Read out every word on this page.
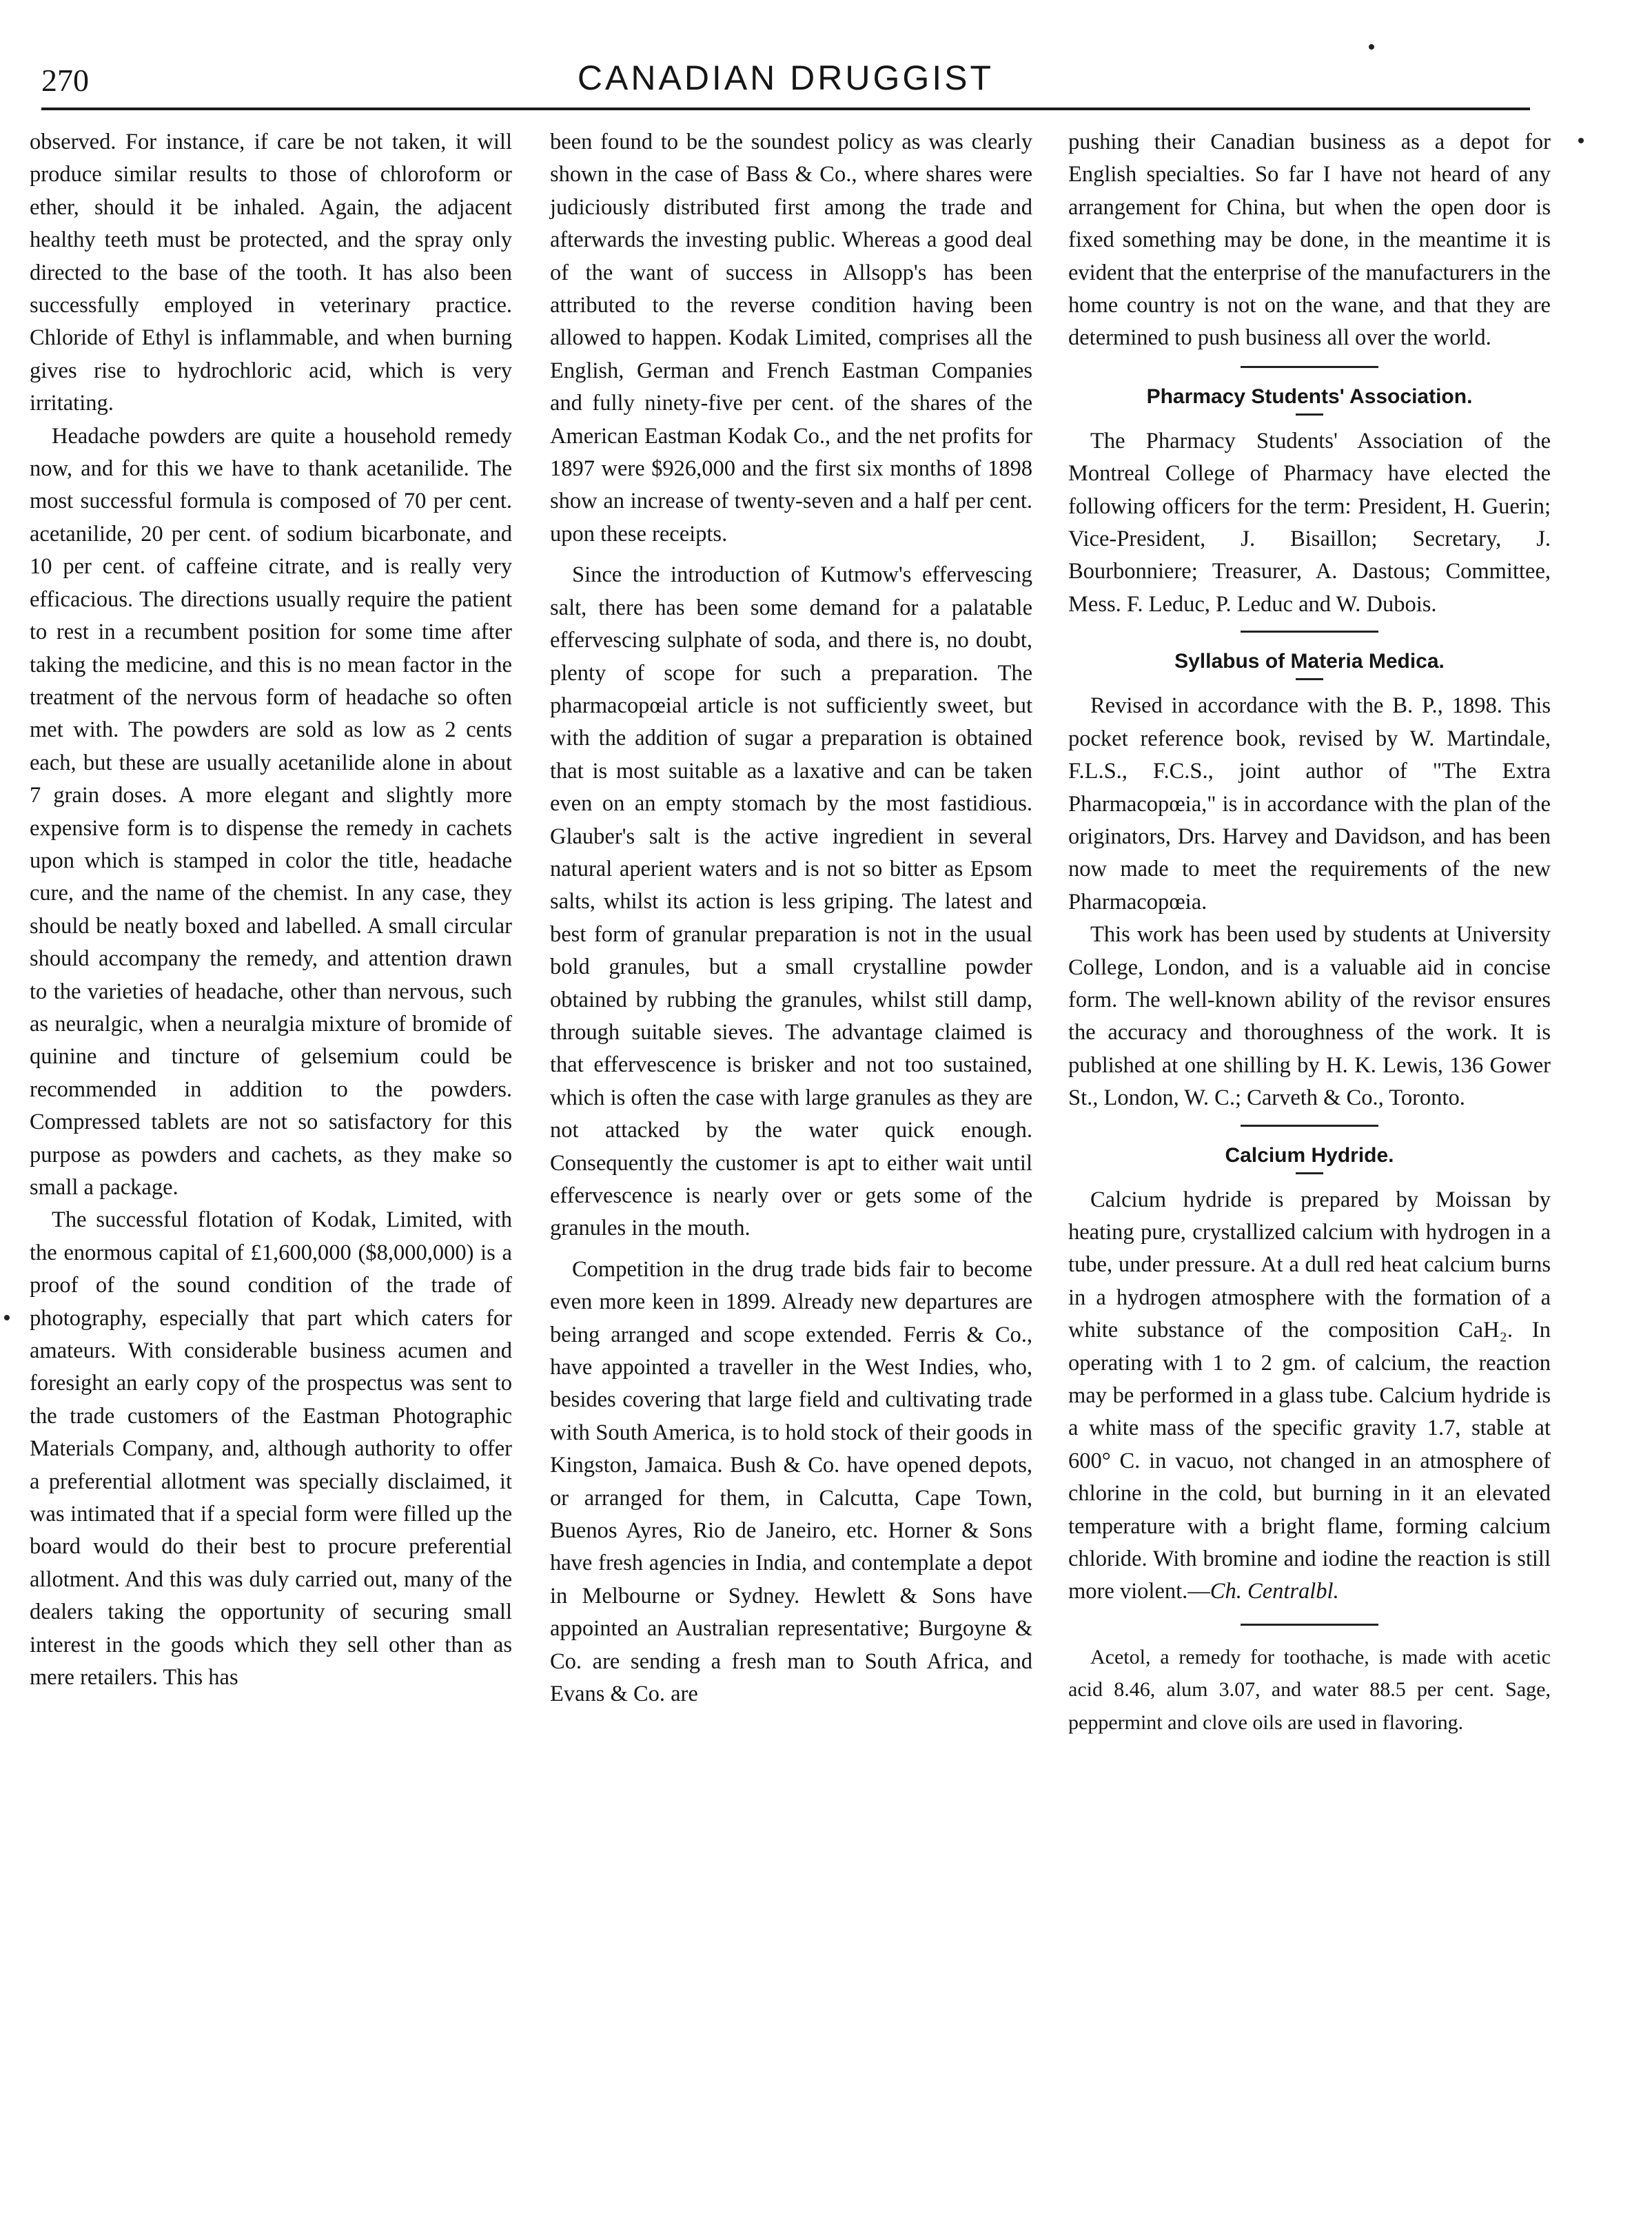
270	CANADIAN DRUGGIST

observed. For instance, if care be not taken, it will produce similar results to those of chloroform or ether, should it be inhaled. Again, the adjacent healthy teeth must be protected, and the spray only directed to the base of the tooth. It has also been successfully employed in veterinary practice. Chloride of Ethyl is inflammable, and when burning gives rise to hydrochloric acid, which is very irritating.

Headache powders are quite a household remedy now, and for this we have to thank acetanilide. The most successful formula is composed of 70 per cent. acetanilide, 20 per cent. of sodium bicarbonate, and 10 per cent. of caffeine citrate, and is really very efficacious. The directions usually require the patient to rest in a recumbent position for some time after taking the medicine, and this is no mean factor in the treatment of the nervous form of headache so often met with. The powders are sold as low as 2 cents each, but these are usually acetanilide alone in about 7 grain doses. A more elegant and slightly more expensive form is to dispense the remedy in cachets upon which is stamped in color the title, headache cure, and the name of the chemist. In any case, they should be neatly boxed and labelled. A small circular should accompany the remedy, and attention drawn to the varieties of headache, other than nervous, such as neuralgic, when a neuralgia mixture of bromide of quinine and tincture of gelsemium could be recommended in addition to the powders. Compressed tablets are not so satisfactory for this purpose as powders and cachets, as they make so small a package.

The successful flotation of Kodak, Limited, with the enormous capital of £1,600,000 ($8,000,000) is a proof of the sound condition of the trade of photography, especially that part which caters for amateurs. With considerable business acumen and foresight an early copy of the prospectus was sent to the trade customers of the Eastman Photographic Materials Company, and, although authority to offer a preferential allotment was specially disclaimed, it was intimated that if a special form were filled up the board would do their best to procure preferential allotment. And this was duly carried out, many of the dealers taking the opportunity of securing small interest in the goods which they sell other than as mere retailers. This has

been found to be the soundest policy as was clearly shown in the case of Bass & Co., where shares were judiciously distributed first among the trade and afterwards the investing public. Whereas a good deal of the want of success in Allsopp's has been attributed to the reverse condition having been allowed to happen. Kodak Limited, comprises all the English, German and French Eastman Companies and fully ninety-five per cent. of the shares of the American Eastman Kodak Co., and the net profits for 1897 were $926,000 and the first six months of 1898 show an increase of twenty-seven and a half per cent. upon these receipts.

Since the introduction of Kutmow's effervescing salt, there has been some demand for a palatable effervescing sulphate of soda, and there is, no doubt, plenty of scope for such a preparation. The pharmacopœial article is not sufficiently sweet, but with the addition of sugar a preparation is obtained that is most suitable as a laxative and can be taken even on an empty stomach by the most fastidious. Glauber's salt is the active ingredient in several natural aperient waters and is not so bitter as Epsom salts, whilst its action is less griping. The latest and best form of granular preparation is not in the usual bold granules, but a small crystalline powder obtained by rubbing the granules, whilst still damp, through suitable sieves. The advantage claimed is that effervescence is brisker and not too sustained, which is often the case with large granules as they are not attacked by the water quick enough. Consequently the customer is apt to either wait until effervescence is nearly over or gets some of the granules in the mouth.

Competition in the drug trade bids fair to become even more keen in 1899. Already new departures are being arranged and scope extended. Ferris & Co., have appointed a traveller in the West Indies, who, besides covering that large field and cultivating trade with South America, is to hold stock of their goods in Kingston, Jamaica. Bush & Co. have opened depots, or arranged for them, in Calcutta, Cape Town, Buenos Ayres, Rio de Janeiro, etc. Horner & Sons have fresh agencies in India, and contemplate a depot in Melbourne or Sydney. Hewlett & Sons have appointed an Australian representative; Burgoyne & Co. are sending a fresh man to South Africa, and Evans & Co. are

pushing their Canadian business as a depot for English specialties. So far I have not heard of any arrangement for China, but when the open door is fixed something may be done, in the meantime it is evident that the enterprise of the manufacturers in the home country is not on the wane, and that they are determined to push business all over the world.

Pharmacy Students' Association.

The Pharmacy Students' Association of the Montreal College of Pharmacy have elected the following officers for the term: President, H. Guerin; Vice-President, J. Bisaillon; Secretary, J. Bourbonniere; Treasurer, A. Dastous; Committee, Mess. F. Leduc, P. Leduc and W. Dubois.

Syllabus of Materia Medica.

Revised in accordance with the B. P., 1898. This pocket reference book, revised by W. Martindale, F.L.S., F.C.S., joint author of "The Extra Pharmacopœia," is in accordance with the plan of the originators, Drs. Harvey and Davidson, and has been now made to meet the requirements of the new Pharmacopœia.

This work has been used by students at University College, London, and is a valuable aid in concise form. The well-known ability of the revisor ensures the accuracy and thoroughness of the work. It is published at one shilling by H. K. Lewis, 136 Gower St., London, W. C.; Carveth & Co., Toronto.

Calcium Hydride.

Calcium hydride is prepared by Moissan by heating pure, crystallized calcium with hydrogen in a tube, under pressure. At a dull red heat calcium burns in a hydrogen atmosphere with the formation of a white substance of the composition CaH₂. In operating with 1 to 2 gm. of calcium, the reaction may be performed in a glass tube. Calcium hydride is a white mass of the specific gravity 1.7, stable at 600° C. in vacuo, not changed in an atmosphere of chlorine in the cold, but burning in it an elevated temperature with a bright flame, forming calcium chloride. With bromine and iodine the reaction is still more violent.—Ch. Centralbl.

Acetol, a remedy for toothache, is made with acetic acid 8.46, alum 3.07, and water 88.5 per cent. Sage, peppermint and clove oils are used in flavoring.
